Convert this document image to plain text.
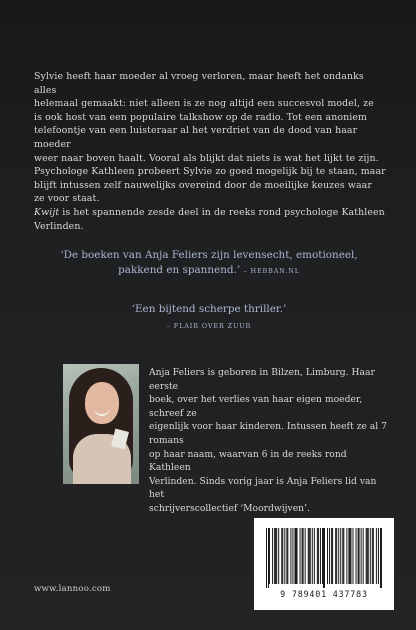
Sylvie heeft haar moeder al vroeg verloren, maar heeft het ondanks alles

helemaal gemaakt: niet alleen is ze nog altijd een succesvol model, ze

is ook host van een populaire talkshow op de radio. Tot een anoniem

telefoontje van een luisteraar al het verdriet van de dood van haar moeder

weer naar boven haalt. Vooral als blijkt dat niets is wat het lijkt te zijn.

Psychologe Kathleen probeert Sylvie zo goed mogelijk bij te staan, maar

blijft intussen zelf nauwelijks overeind door de moeilijke keuzes waar

ze voor staat.

Kwijt is het spannende zesde deel in de reeks rond psychologe Kathleen

Verlinden.

‘De boeken van Anja Feliers zijn levensecht, emotioneel,
pakkend en spannend.’ – HEBBAN.NL
‘Een bijtend scherpe thriller.’
– FLAIR OVER ZUUR
Anja Feliers is geboren in Bilzen, Limburg. Haar eerste
boek, over het verlies van haar eigen moeder, schreef ze
eigenlijk voor haar kinderen. Intussen heeft ze al 7 romans
op haar naam, waarvan 6 in de reeks rond Kathleen
Verlinden. Sinds vorig jaar is Anja Feliers lid van het
schrijverscollectief ‘Moordwijven’.
9 789401 437783
www.lannoo.com
